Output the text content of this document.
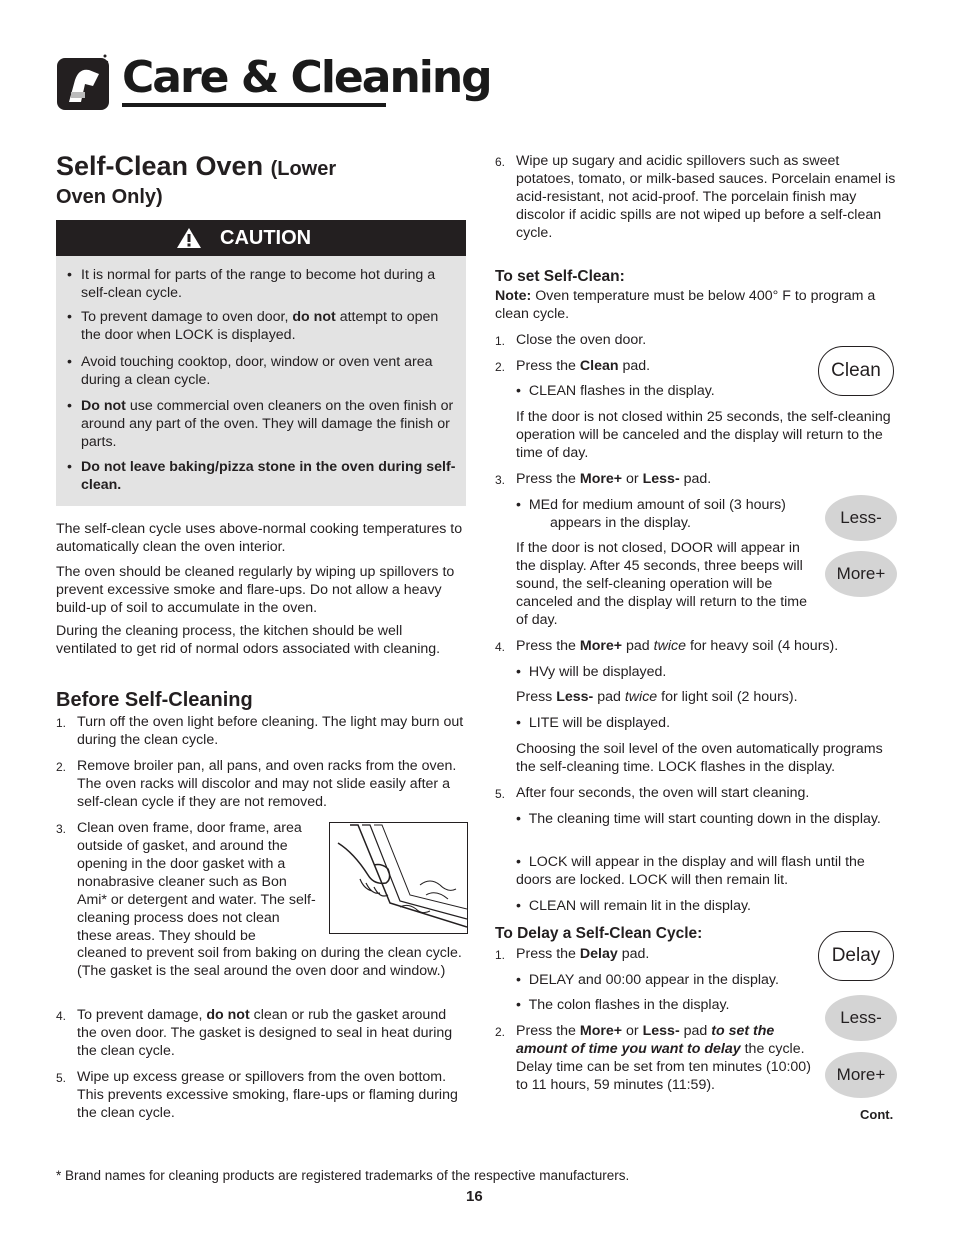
Care & Cleaning
Self-Clean Oven (Lower
Oven Only)
CAUTION
• It is normal for parts of the range to become hot during a self-clean cycle.
• To prevent damage to oven door, do not attempt to open the door when LOCK is displayed.
• Avoid touching cooktop, door, window or oven vent area during a clean cycle.
• Do not use commercial oven cleaners on the oven finish or around any part of the oven. They will damage the finish or parts.
• Do not leave baking/pizza stone in the oven during self-clean.

The self-clean cycle uses above-normal cooking temperatures to automatically clean the oven interior.

The oven should be cleaned regularly by wiping up spillovers to prevent excessive smoke and flare-ups. Do not allow a heavy build-up of soil to accumulate in the oven.

During the cleaning process, the kitchen should be well ventilated to get rid of normal odors associated with cleaning.

Before Self-Cleaning
1. Turn off the oven light before cleaning. The light may burn out during the clean cycle.
2. Remove broiler pan, all pans, and oven racks from the oven. The oven racks will discolor and may not slide easily after a self-clean cycle if they are not removed.
3. Clean oven frame, door frame, area outside of gasket, and around the opening in the door gasket with a nonabrasive cleaner such as Bon Ami* or detergent and water. The self-cleaning process does not clean these areas. They should be
cleaned to prevent soil from baking on during the clean cycle. (The gasket is the seal around the oven door and window.)
4. To prevent damage, do not clean or rub the gasket around the oven door. The gasket is designed to seal in heat during the clean cycle.
5. Wipe up excess grease or spillovers from the oven bottom. This prevents excessive smoking, flare-ups or flaming during the clean cycle.
6. Wipe up sugary and acidic spillovers such as sweet potatoes, tomato, or milk-based sauces. Porcelain enamel is acid-resistant, not acid-proof. The porcelain finish may discolor if acidic spills are not wiped up before a self-clean cycle.
To set Self-Clean:

Note: Oven temperature must be below 400° F to program a clean cycle.

1. Close the oven door.
2. Press the Clean pad.
•  CLEAN flashes in the display.
If the door is not closed within 25 seconds, the self-cleaning operation will be canceled and the display will return to the time of day.
3. Press the More+ or Less- pad.
•  MEd for medium amount of soil (3 hours)
appears in the display.
If the door is not closed, DOOR will appear in the display. After 45 seconds, three beeps will sound, the self-cleaning operation will be canceled and the display will return to the time of day.
4. Press the More+ pad twice for heavy soil (4 hours).
•  HVy will be displayed.
Press Less- pad twice for light soil (2 hours).
•  LITE will be displayed.
Choosing the soil level of the oven automatically programs the self-cleaning time. LOCK flashes in the display.
5. After four seconds, the oven will start cleaning.
•  The cleaning time will start counting down in the display.
•  LOCK will appear in the display and will flash until the doors are locked. LOCK will then remain lit.
•  CLEAN will remain lit in the display.
To Delay a Self-Clean Cycle:
1. Press the Delay pad.
•  DELAY and 00:00 appear in the display.
•  The colon flashes in the display.
2. Press the More+ or Less- pad to set the amount of time you want to delay the cycle. Delay time can be set from ten minutes (10:00) to 11 hours, 59 minutes (11:59).
Cont.
Clean
Less-
More+
Delay
Less-
More+
* Brand names for cleaning products are registered trademarks of the respective manufacturers.
16
